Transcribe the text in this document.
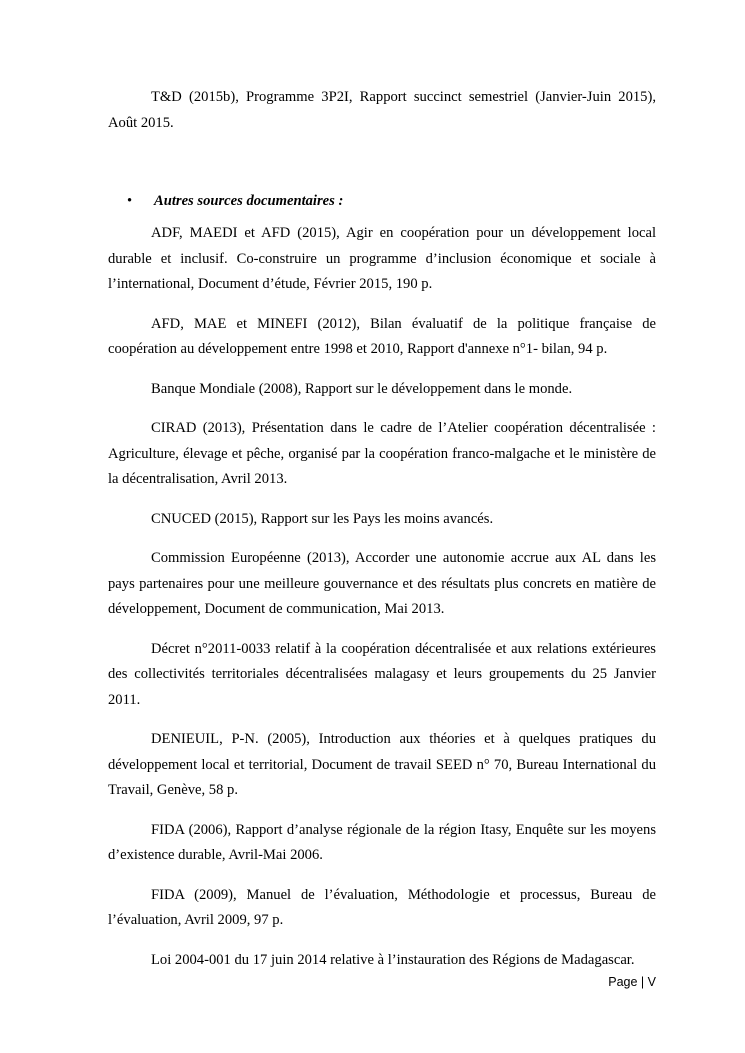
T&D (2015b), Programme 3P2I, Rapport succinct semestriel (Janvier-Juin 2015), Août 2015.

• Autres sources documentaires :

ADF, MAEDI et AFD (2015), Agir en coopération pour un développement local durable et inclusif. Co-construire un programme d’inclusion économique et sociale à l’international, Document d’étude, Février 2015, 190 p.

AFD, MAE et MINEFI (2012), Bilan évaluatif de la politique française de coopération au développement entre 1998 et 2010, Rapport d'annexe n°1- bilan, 94 p.

Banque Mondiale (2008), Rapport sur le développement dans le monde.

CIRAD (2013), Présentation dans le cadre de l’Atelier coopération décentralisée : Agriculture, élevage et pêche, organisé par la coopération franco-malgache et le ministère de la décentralisation, Avril 2013.

CNUCED (2015), Rapport sur les Pays les moins avancés.

Commission Européenne (2013), Accorder une autonomie accrue aux AL dans les pays partenaires pour une meilleure gouvernance et des résultats plus concrets en matière de développement, Document de communication, Mai 2013.

Décret n°2011-0033 relatif à la coopération décentralisée et aux relations extérieures des collectivités territoriales décentralisées malagasy et leurs groupements du 25 Janvier 2011.

DENIEUIL, P-N. (2005), Introduction aux théories et à quelques pratiques du développement local et territorial, Document de travail SEED n° 70, Bureau International du Travail, Genève, 58 p.

FIDA (2006), Rapport d’analyse régionale de la région Itasy, Enquête sur les moyens d’existence durable, Avril-Mai 2006.

FIDA (2009), Manuel de l’évaluation, Méthodologie et processus, Bureau de l’évaluation, Avril 2009, 97 p.

Loi 2004-001 du 17 juin 2014 relative à l’instauration des Régions de Madagascar.

Page | V
